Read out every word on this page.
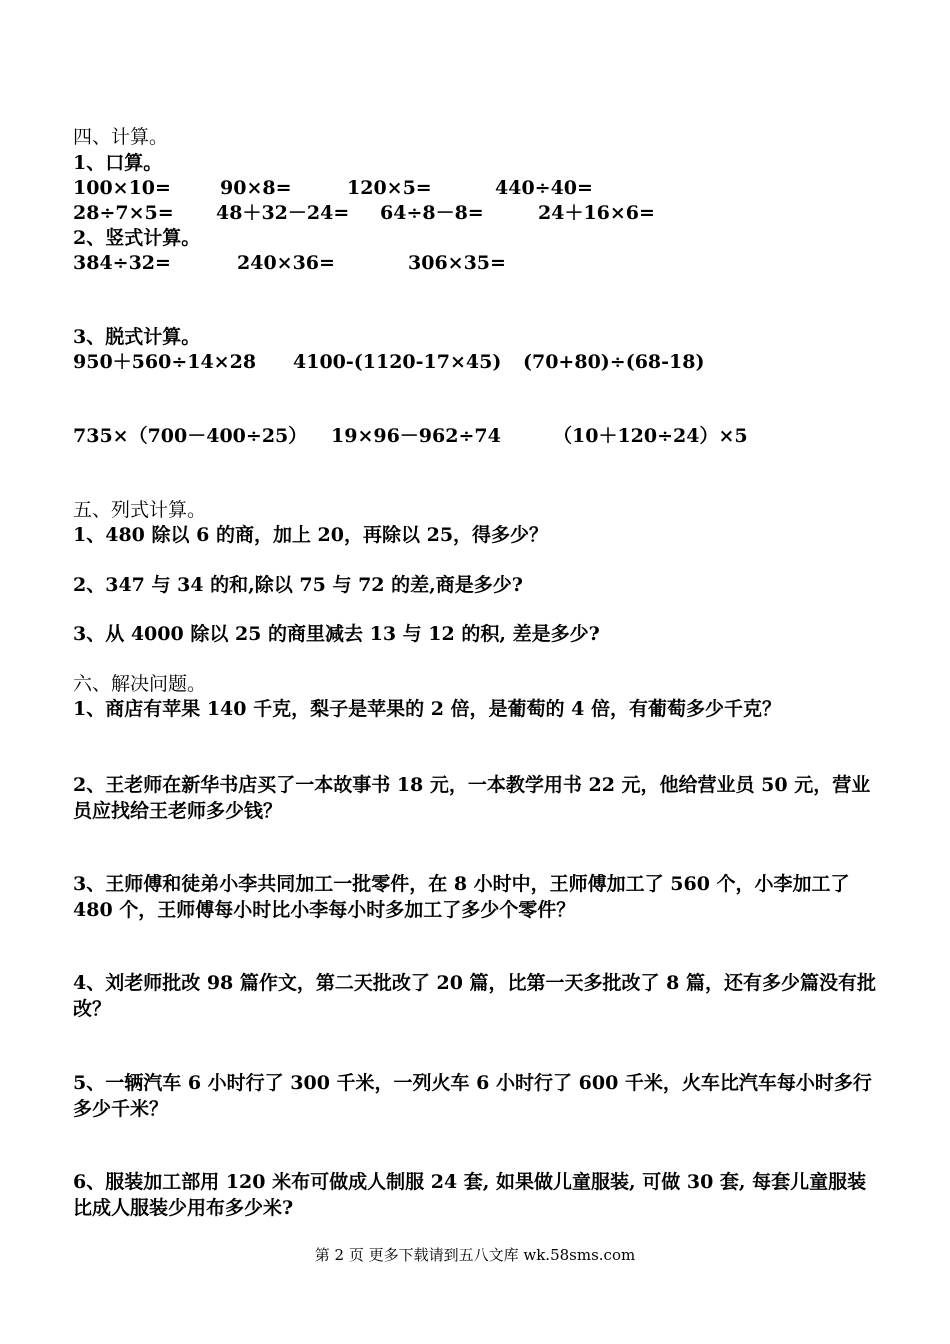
四、计算。
1、口算。
100×10=	90×8=	120×5=	440÷40=
28÷7×5= 48＋32－24= 64÷8－8=	24＋16×6=
2、竖式计算。
384÷32=	240×36=	306×35=
3、脱式计算。
950＋560÷14×28 4100-(1120-17×45) (70+80)÷(68-18)
735×（700－400÷25） 19×96－962÷74	（10＋120÷24）×5
五、列式计算。
1、480 除以 6 的商，加上 20，再除以 25，得多少？
2、347 与 34 的和,除以 75 与 72 的差,商是多少?
3、从 4000 除以 25 的商里减去 13 与 12 的积, 差是多少?
六、解决问题。
1、商店有苹果 140 千克，梨子是苹果的 2 倍，是葡萄的 4 倍，有葡萄多少千克？
2、王老师在新华书店买了一本故事书 18 元，一本教学用书 22 元，他给营业员 50 元，营业员应找给王老师多少钱？
3、王师傅和徒弟小李共同加工一批零件，在 8 小时中，王师傅加工了 560 个，小李加工了 480 个，王师傅每小时比小李每小时多加工了多少个零件？
4、刘老师批改 98 篇作文，第二天批改了 20 篇，比第一天多批改了 8 篇，还有多少篇没有批改？
5、一辆汽车 6 小时行了 300 千米，一列火车 6 小时行了 600 千米，火车比汽车每小时多行多少千米？
6、服装加工部用 120 米布可做成人制服 24 套, 如果做儿童服装, 可做 30 套, 每套儿童服装比成人服装少用布多少米?
第 2 页 更多下载请到五八文库 wk.58sms.com
